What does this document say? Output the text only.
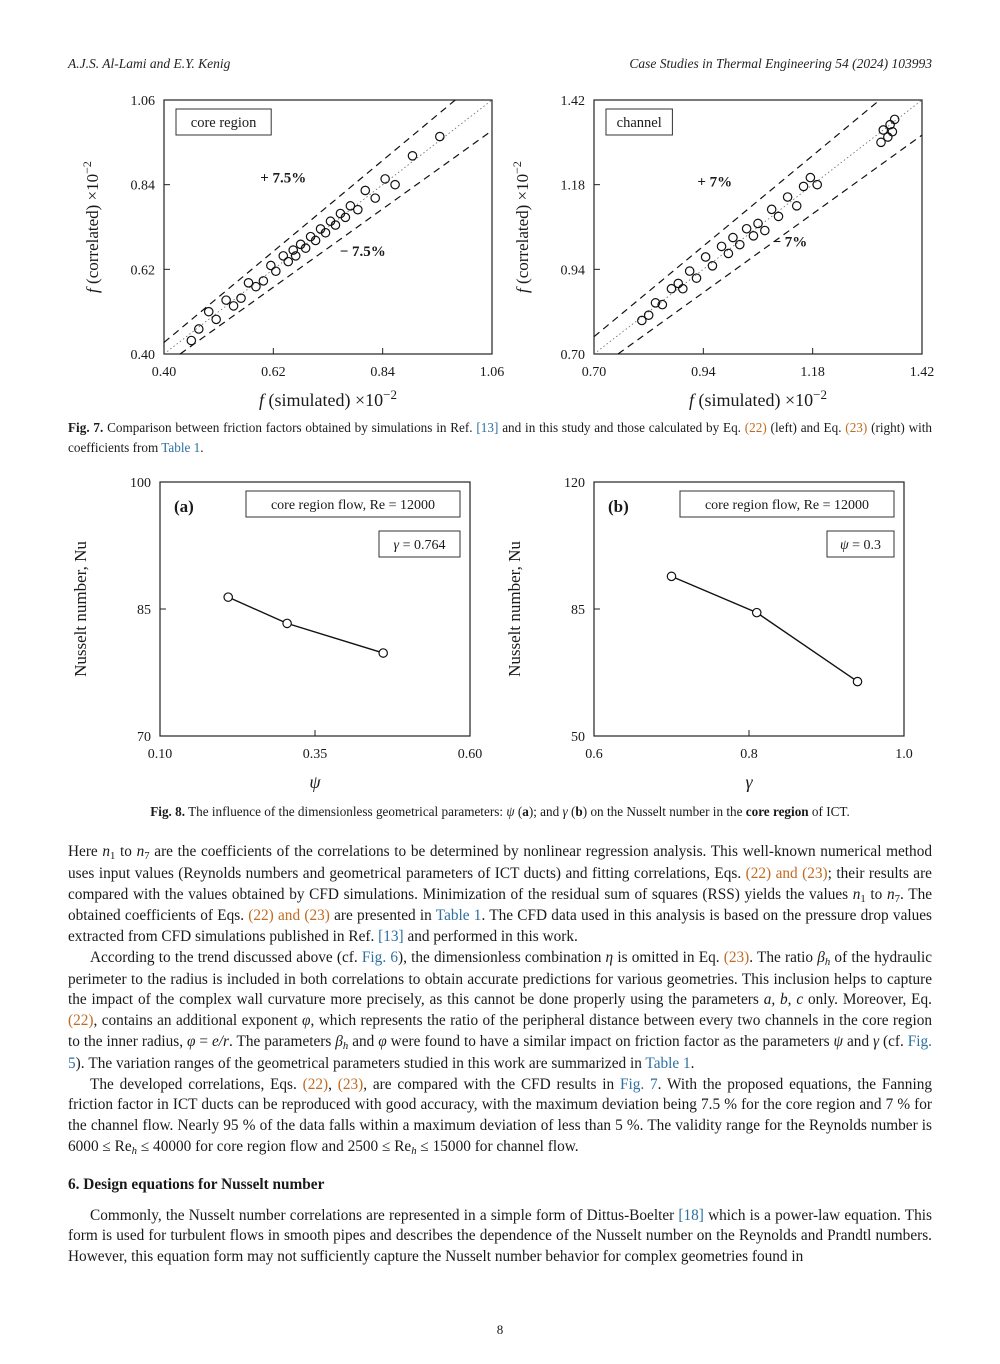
A.J.S. Al-Lami and E.Y. Kenig	Case Studies in Thermal Engineering 54 (2024) 103993
0.40	0.62	0.84	1.06
0.40
0.62
0.84
1.06
+ 7.5%
− 7.5%
core region
f (simulated) $\times 10^{-2}$
f (correlated) $\times 10^{-2}$
0.70	0.94	1.18	1.42
0.70
0.94
1.18
1.42
+ 7%
− 7%
channel
f (simulated) $\times 10^{-2}$
f (correlated) $\times 10^{-2}$
Fig. 7. Comparison between friction factors obtained by simulations in Ref. [13] and in this study and those calculated by Eq. (22) (left) and Eq. (23) (right) with coefficients from Table 1.
0.10	0.35	0.60
70
85
100
(a)	core region flow, Re = 12000
γ = 0.764
ψ
Nusselt number, Nu
0.6	0.8	1.0
50
85
120
(b)	core region flow, Re = 12000
ψ = 0.3
γ
Nusselt number, Nu
Fig. 8. The influence of the dimensionless geometrical parameters: ψ (a); and γ (b) on the Nusselt number in the core region of ICT.

Here $n_1$ to $n_7$ are the coefficients of the correlations to be determined by nonlinear regression analysis. This well-known numerical method uses input values (Reynolds numbers and geometrical parameters of ICT ducts) and fitting correlations, Eqs. (22) and (23); their results are compared with the values obtained by CFD simulations. Minimization of the residual sum of squares (RSS) yields the values $n_1$ to $n_7$. The obtained coefficients of Eqs. (22) and (23) are presented in Table 1. The CFD data used in this analysis is based on the pressure drop values extracted from CFD simulations published in Ref. [13] and performed in this work.

According to the trend discussed above (cf. Fig. 6), the dimensionless combination η is omitted in Eq. (23). The ratio $\beta_h$ of the hydraulic perimeter to the radius is included in both correlations to obtain accurate predictions for various geometries. This inclusion helps to capture the impact of the complex wall curvature more precisely, as this cannot be done properly using the parameters a, b, c only. Moreover, Eq. (22), contains an additional exponent φ, which represents the ratio of the peripheral distance between every two channels in the core region to the inner radius, φ = e/r. The parameters $\beta_h$ and φ were found to have a similar impact on friction factor as the parameters ψ and γ (cf. Fig. 5). The variation ranges of the geometrical parameters studied in this work are summarized in Table 1.

The developed correlations, Eqs. (22), (23), are compared with the CFD results in Fig. 7. With the proposed equations, the Fanning friction factor in ICT ducts can be reproduced with good accuracy, with the maximum deviation being 7.5 % for the core region and 7 % for the channel flow. Nearly 95 % of the data falls within a maximum deviation of less than 5 %. The validity range for the Reynolds number is $6000 \le Re_h \le 40000$ for core region flow and $2500 \le Re_h \le 15000$ for channel flow.

6. Design equations for Nusselt number

Commonly, the Nusselt number correlations are represented in a simple form of Dittus-Boelter [18] which is a power-law equation. This form is used for turbulent flows in smooth pipes and describes the dependence of the Nusselt number on the Reynolds and Prandtl numbers. However, this equation form may not sufficiently capture the Nusselt number behavior for complex geometries found in

8
